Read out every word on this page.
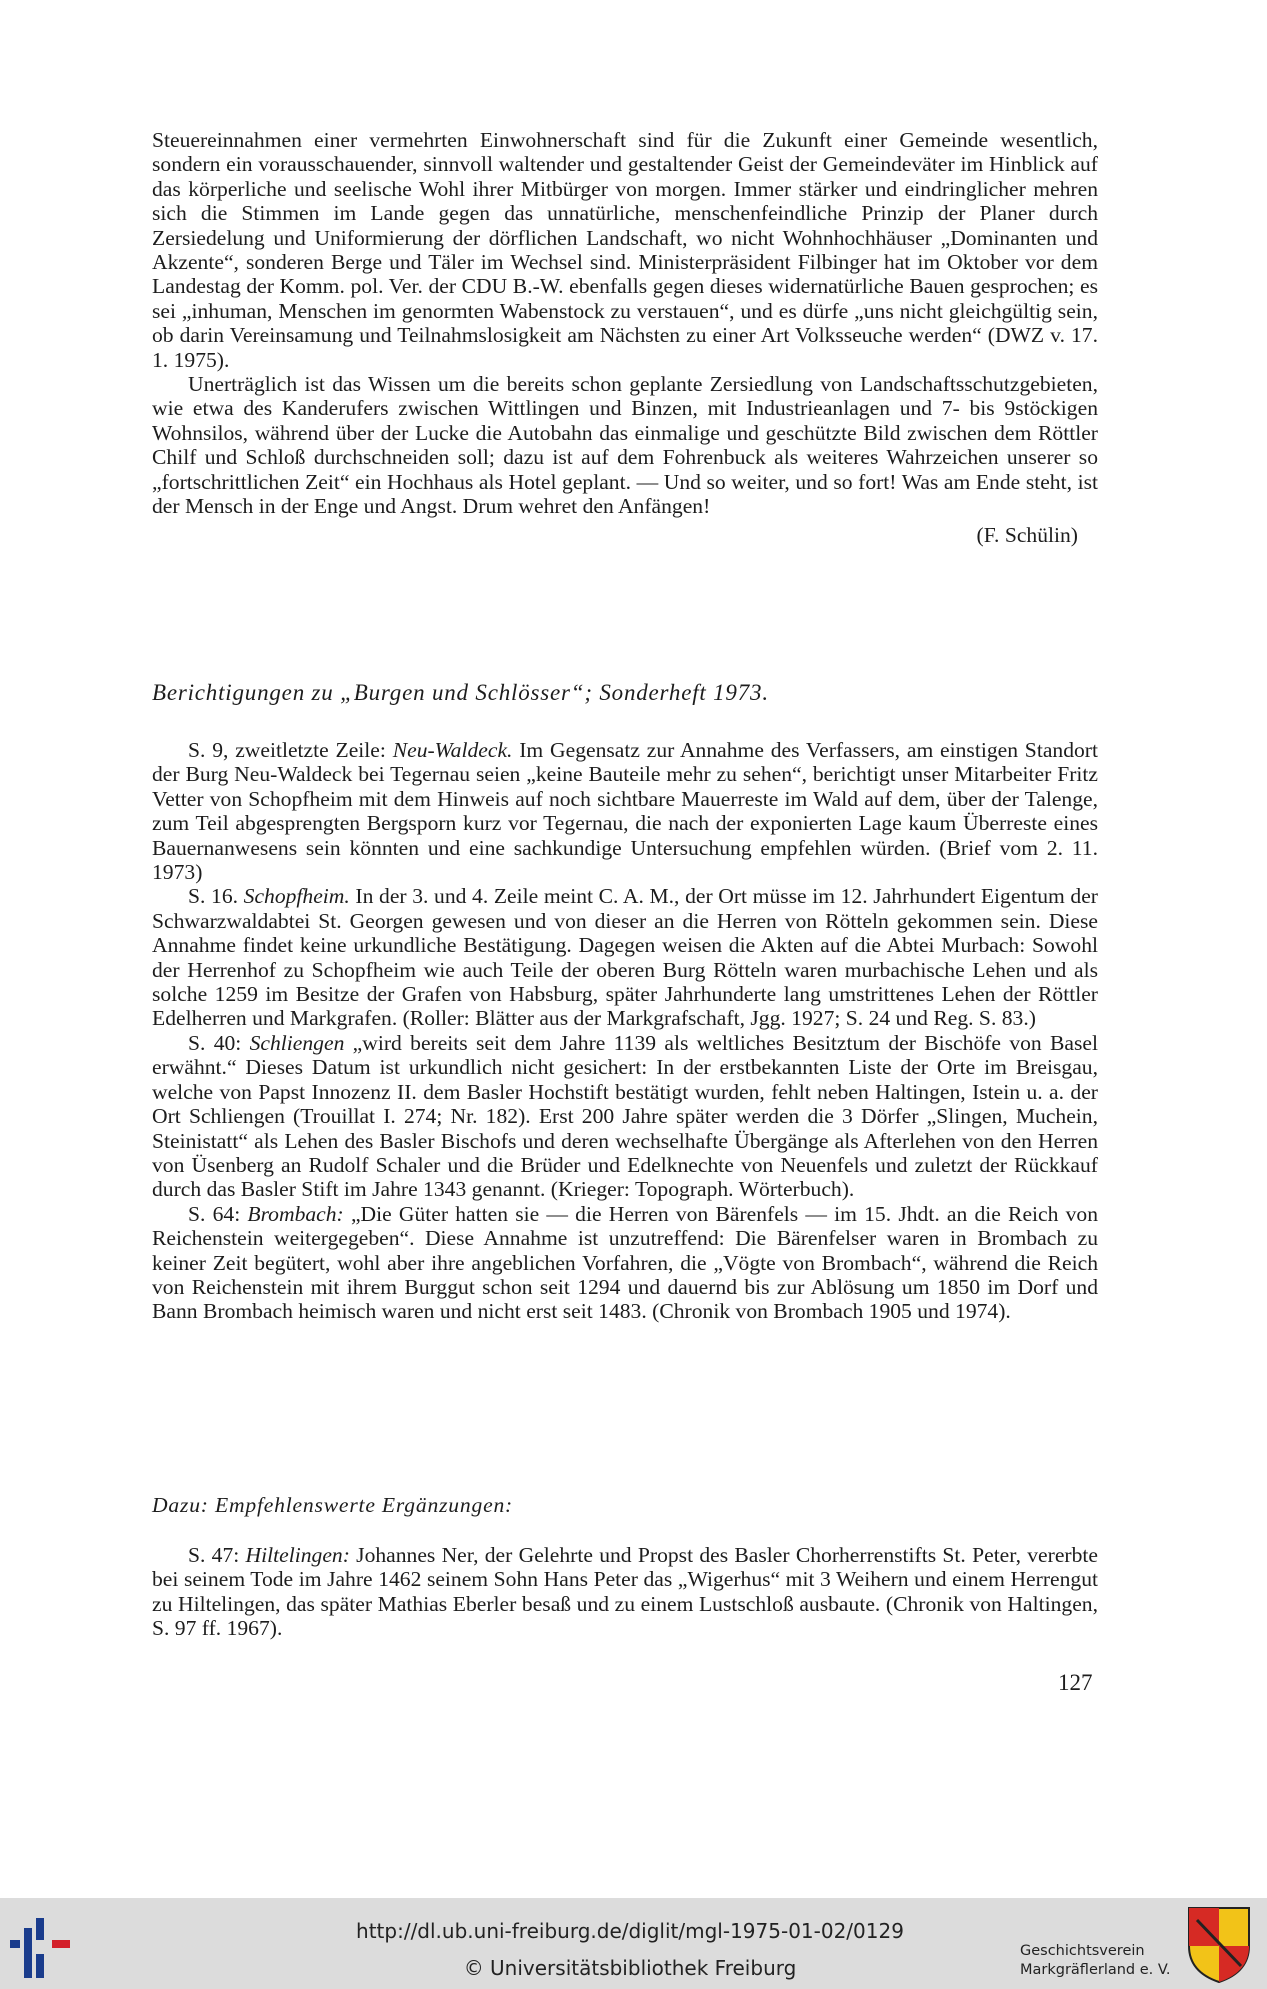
Steuereinnahmen einer vermehrten Einwohnerschaft sind für die Zukunft einer Gemeinde wesentlich, sondern ein vorausschauender, sinnvoll waltender und gestaltender Geist der Gemeindeväter im Hinblick auf das körperliche und seelische Wohl ihrer Mitbürger von morgen. Immer stärker und eindringlicher mehren sich die Stimmen im Lande gegen das unnatürliche, menschenfeindliche Prinzip der Planer durch Zersiedelung und Uniformierung der dörflichen Landschaft, wo nicht Wohnhochhäuser „Dominanten und Akzente“, sonderen Berge und Täler im Wechsel sind. Ministerpräsident Filbinger hat im Oktober vor dem Landestag der Komm. pol. Ver. der CDU B.-W. ebenfalls gegen dieses widernatürliche Bauen gesprochen; es sei „inhuman, Menschen im genormten Wabenstock zu verstauen“, und es dürfe „uns nicht gleichgültig sein, ob darin Vereinsamung und Teilnahmslosigkeit am Nächsten zu einer Art Volksseuche werden“ (DWZ v. 17. 1. 1975).

Unerträglich ist das Wissen um die bereits schon geplante Zersiedlung von Landschaftsschutzgebieten, wie etwa des Kanderufers zwischen Wittlingen und Binzen, mit Industrieanlagen und 7- bis 9stöckigen Wohnsilos, während über der Lucke die Autobahn das einmalige und geschützte Bild zwischen dem Röttler Chilf und Schloß durchschneiden soll; dazu ist auf dem Fohrenbuck als weiteres Wahrzeichen unserer so „fortschrittlichen Zeit“ ein Hochhaus als Hotel geplant. — Und so weiter, und so fort! Was am Ende steht, ist der Mensch in der Enge und Angst. Drum wehret den Anfängen!

(F. Schülin)
Berichtigungen zu „Burgen und Schlösser“; Sonderheft 1973.

S. 9, zweitletzte Zeile: Neu-Waldeck. Im Gegensatz zur Annahme des Verfassers, am einstigen Standort der Burg Neu-Waldeck bei Tegernau seien „keine Bauteile mehr zu sehen“, berichtigt unser Mitarbeiter Fritz Vetter von Schopfheim mit dem Hinweis auf noch sichtbare Mauerreste im Wald auf dem, über der Talenge, zum Teil abgesprengten Bergsporn kurz vor Tegernau, die nach der exponierten Lage kaum Überreste eines Bauernanwesens sein könnten und eine sachkundige Untersuchung empfehlen würden. (Brief vom 2. 11. 1973)

S. 16. Schopfheim. In der 3. und 4. Zeile meint C. A. M., der Ort müsse im 12. Jahrhundert Eigentum der Schwarzwaldabtei St. Georgen gewesen und von dieser an die Herren von Rötteln gekommen sein. Diese Annahme findet keine urkundliche Bestätigung. Dagegen weisen die Akten auf die Abtei Murbach: Sowohl der Herrenhof zu Schopfheim wie auch Teile der oberen Burg Rötteln waren murbachische Lehen und als solche 1259 im Besitze der Grafen von Habsburg, später Jahrhunderte lang umstrittenes Lehen der Röttler Edelherren und Markgrafen. (Roller: Blätter aus der Markgrafschaft, Jgg. 1927; S. 24 und Reg. S. 83.)

S. 40: Schliengen „wird bereits seit dem Jahre 1139 als weltliches Besitztum der Bischöfe von Basel erwähnt.“ Dieses Datum ist urkundlich nicht gesichert: In der erstbekannten Liste der Orte im Breisgau, welche von Papst Innozenz II. dem Basler Hochstift bestätigt wurden, fehlt neben Haltingen, Istein u. a. der Ort Schliengen (Trouillat I. 274; Nr. 182). Erst 200 Jahre später werden die 3 Dörfer „Slingen, Muchein, Steinistatt“ als Lehen des Basler Bischofs und deren wechselhafte Übergänge als Afterlehen von den Herren von Üsenberg an Rudolf Schaler und die Brüder und Edelknechte von Neuenfels und zuletzt der Rückkauf durch das Basler Stift im Jahre 1343 genannt. (Krieger: Topograph. Wörterbuch).

S. 64: Brombach: „Die Güter hatten sie — die Herren von Bärenfels — im 15. Jhdt. an die Reich von Reichenstein weitergegeben“. Diese Annahme ist unzutreffend: Die Bärenfelser waren in Brombach zu keiner Zeit begütert, wohl aber ihre angeblichen Vorfahren, die „Vögte von Brombach“, während die Reich von Reichenstein mit ihrem Burggut schon seit 1294 und dauernd bis zur Ablösung um 1850 im Dorf und Bann Brombach heimisch waren und nicht erst seit 1483. (Chronik von Brombach 1905 und 1974).

Dazu: Empfehlenswerte Ergänzungen:

S. 47: Hiltelingen: Johannes Ner, der Gelehrte und Propst des Basler Chorherrenstifts St. Peter, vererbte bei seinem Tode im Jahre 1462 seinem Sohn Hans Peter das „Wigerhus“ mit 3 Weihern und einem Herrengut zu Hiltelingen, das später Mathias Eberler besaß und zu einem Lustschloß ausbaute. (Chronik von Haltingen, S. 97 ff. 1967).

127
http://dl.ub.uni-freiburg.de/diglit/mgl-1975-01-02/0129
© Universitätsbibliothek Freiburg
Geschichtsverein
Markgräflerland e. V.
